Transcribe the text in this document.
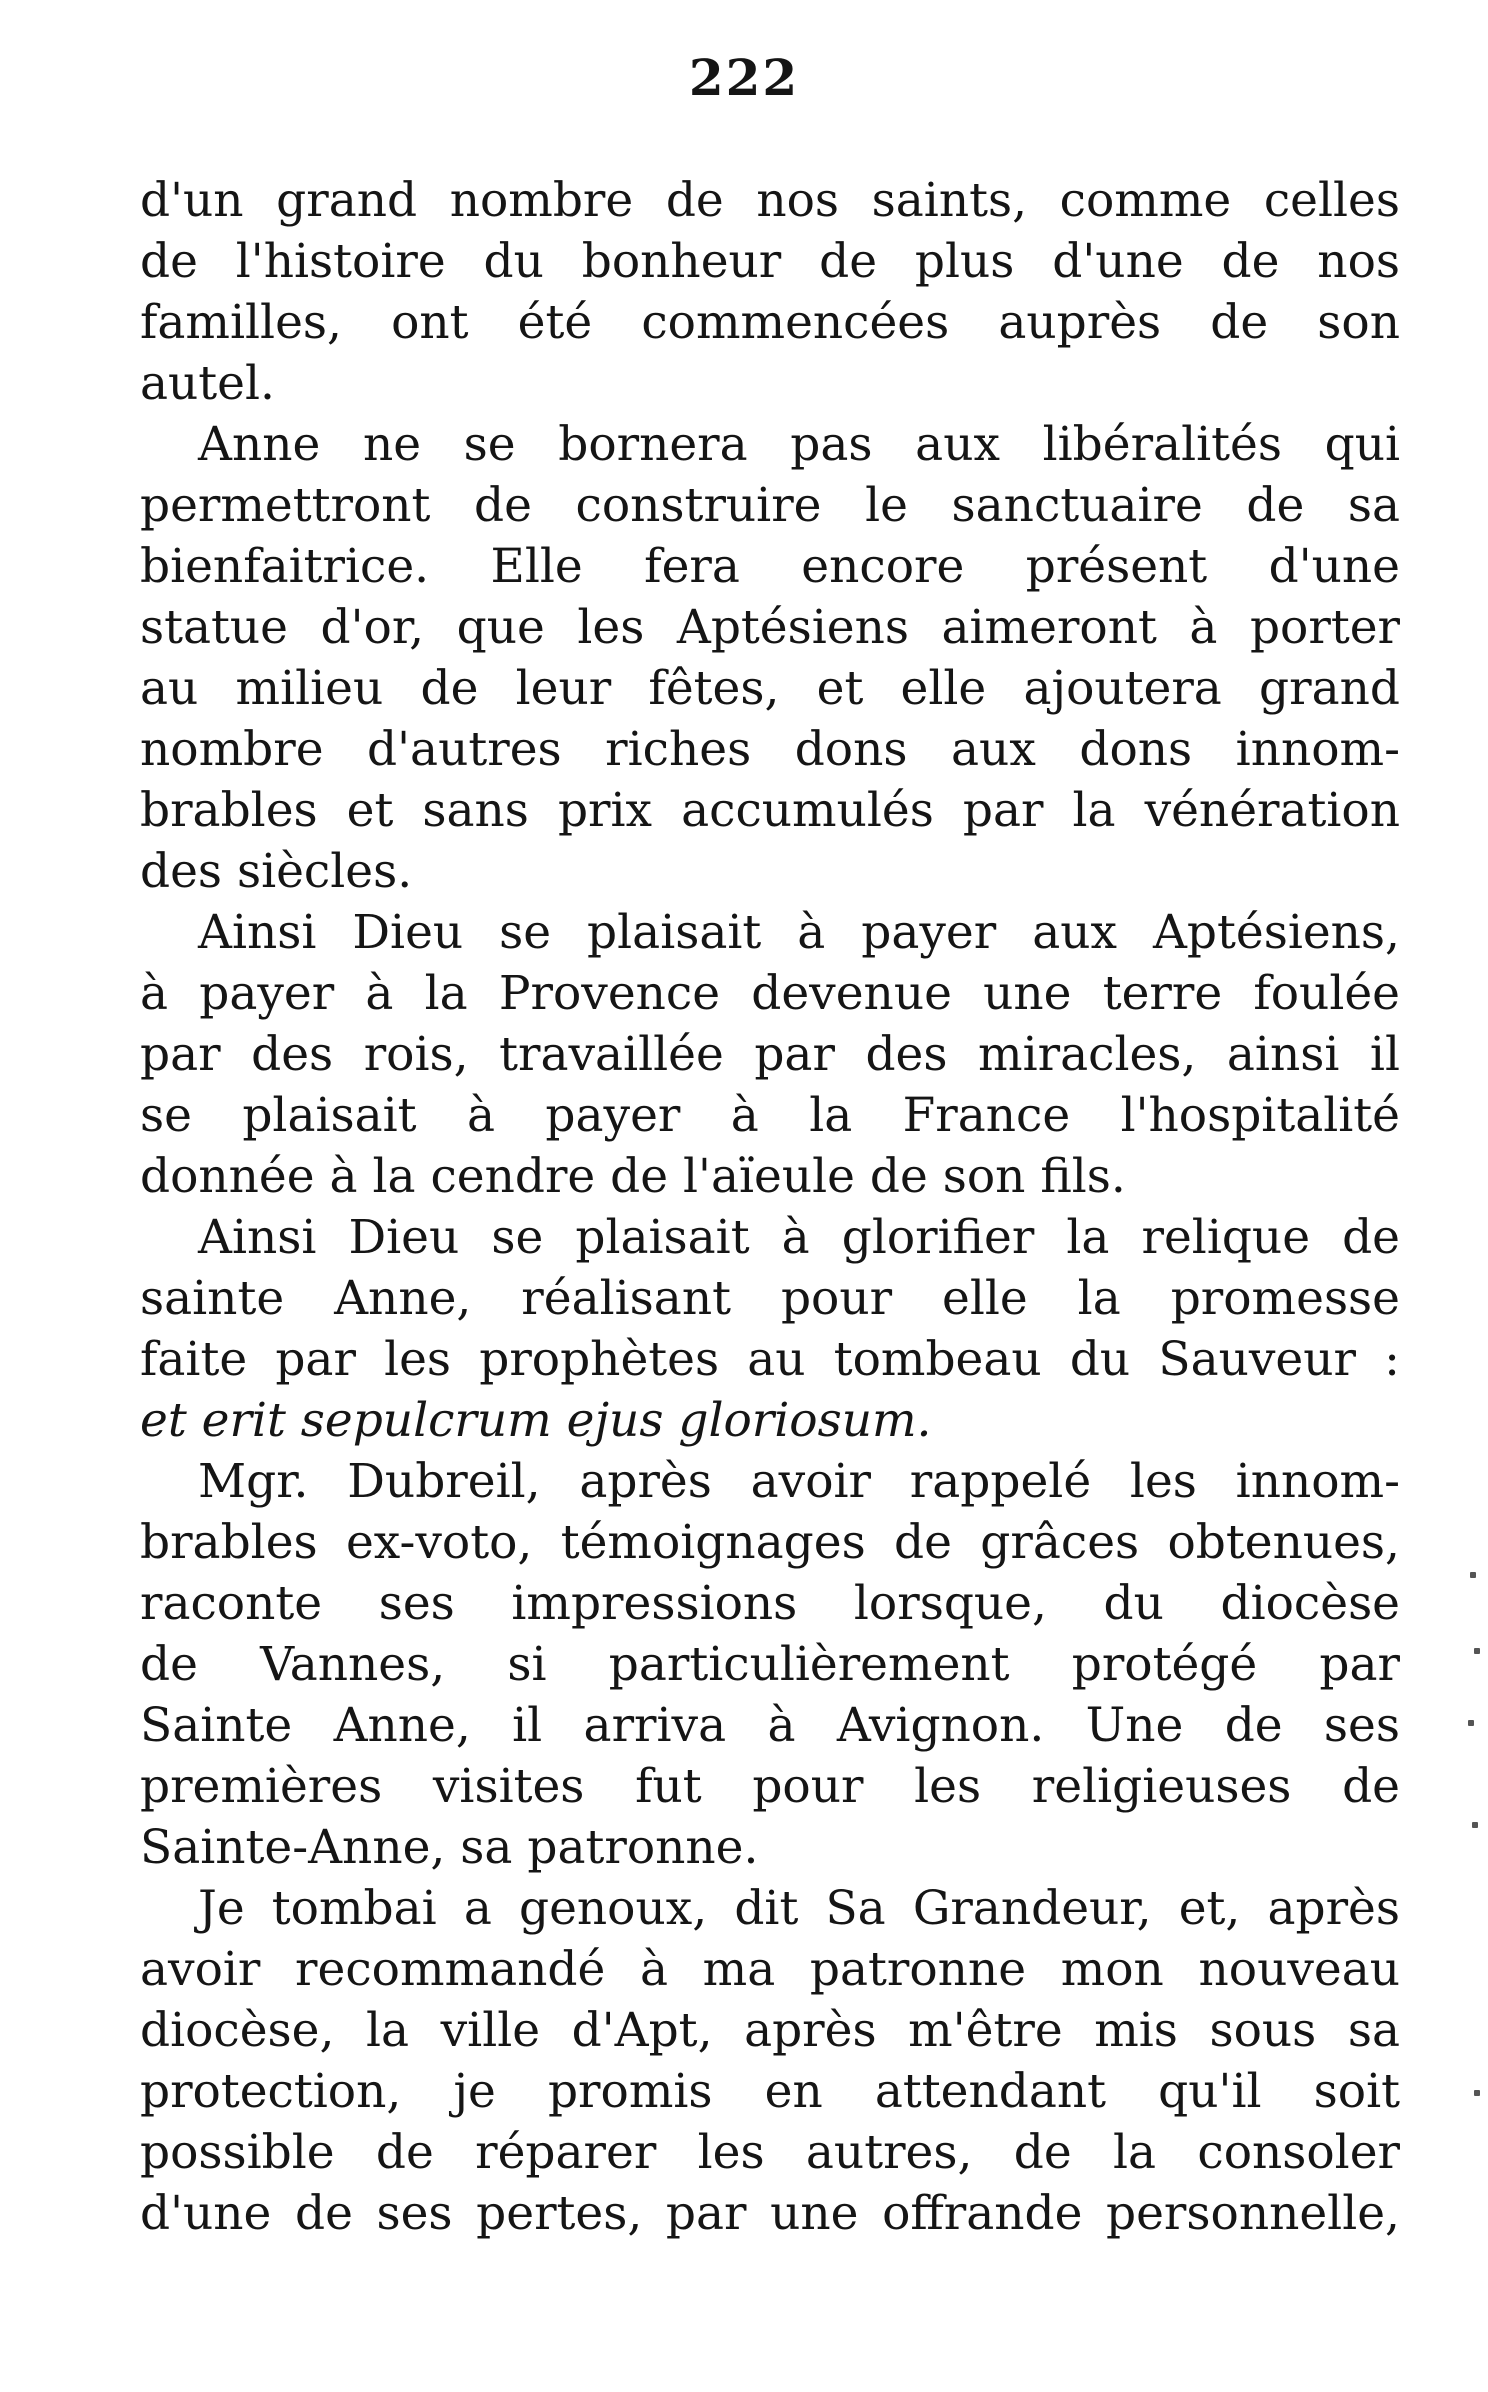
222
d'un grand nombre de nos saints, comme celles
de l'histoire du bonheur de plus d'une de nos
familles, ont été commencées auprès de son
autel.
Anne ne se bornera pas aux libéralités qui
permettront de construire le sanctuaire de sa
bienfaitrice. Elle fera encore présent d'une
statue d'or, que les Aptésiens aimeront à porter
au milieu de leur fêtes, et elle ajoutera grand
nombre d'autres riches dons aux dons innom-
brables et sans prix accumulés par la vénération
des siècles.
Ainsi Dieu se plaisait à payer aux Aptésiens,
à payer à la Provence devenue une terre foulée
par des rois, travaillée par des miracles, ainsi il
se plaisait à payer à la France l'hospitalité
donnée à la cendre de l'aïeule de son fils.
Ainsi Dieu se plaisait à glorifier la relique de
sainte Anne, réalisant pour elle la promesse
faite par les prophètes au tombeau du Sauveur :
et erit sepulcrum ejus gloriosum.
Mgr. Dubreil, après avoir rappelé les innom-
brables ex-voto, témoignages de grâces obtenues,
raconte ses impressions lorsque, du diocèse
de Vannes, si particulièrement protégé par
Sainte Anne, il arriva à Avignon. Une de ses
premières visites fut pour les religieuses de
Sainte-Anne, sa patronne.
Je tombai a genoux, dit Sa Grandeur, et, après
avoir recommandé à ma patronne mon nouveau
diocèse, la ville d'Apt, après m'être mis sous sa
protection, je promis en attendant qu'il soit
possible de réparer les autres, de la consoler
d'une de ses pertes, par une offrande personnelle,
